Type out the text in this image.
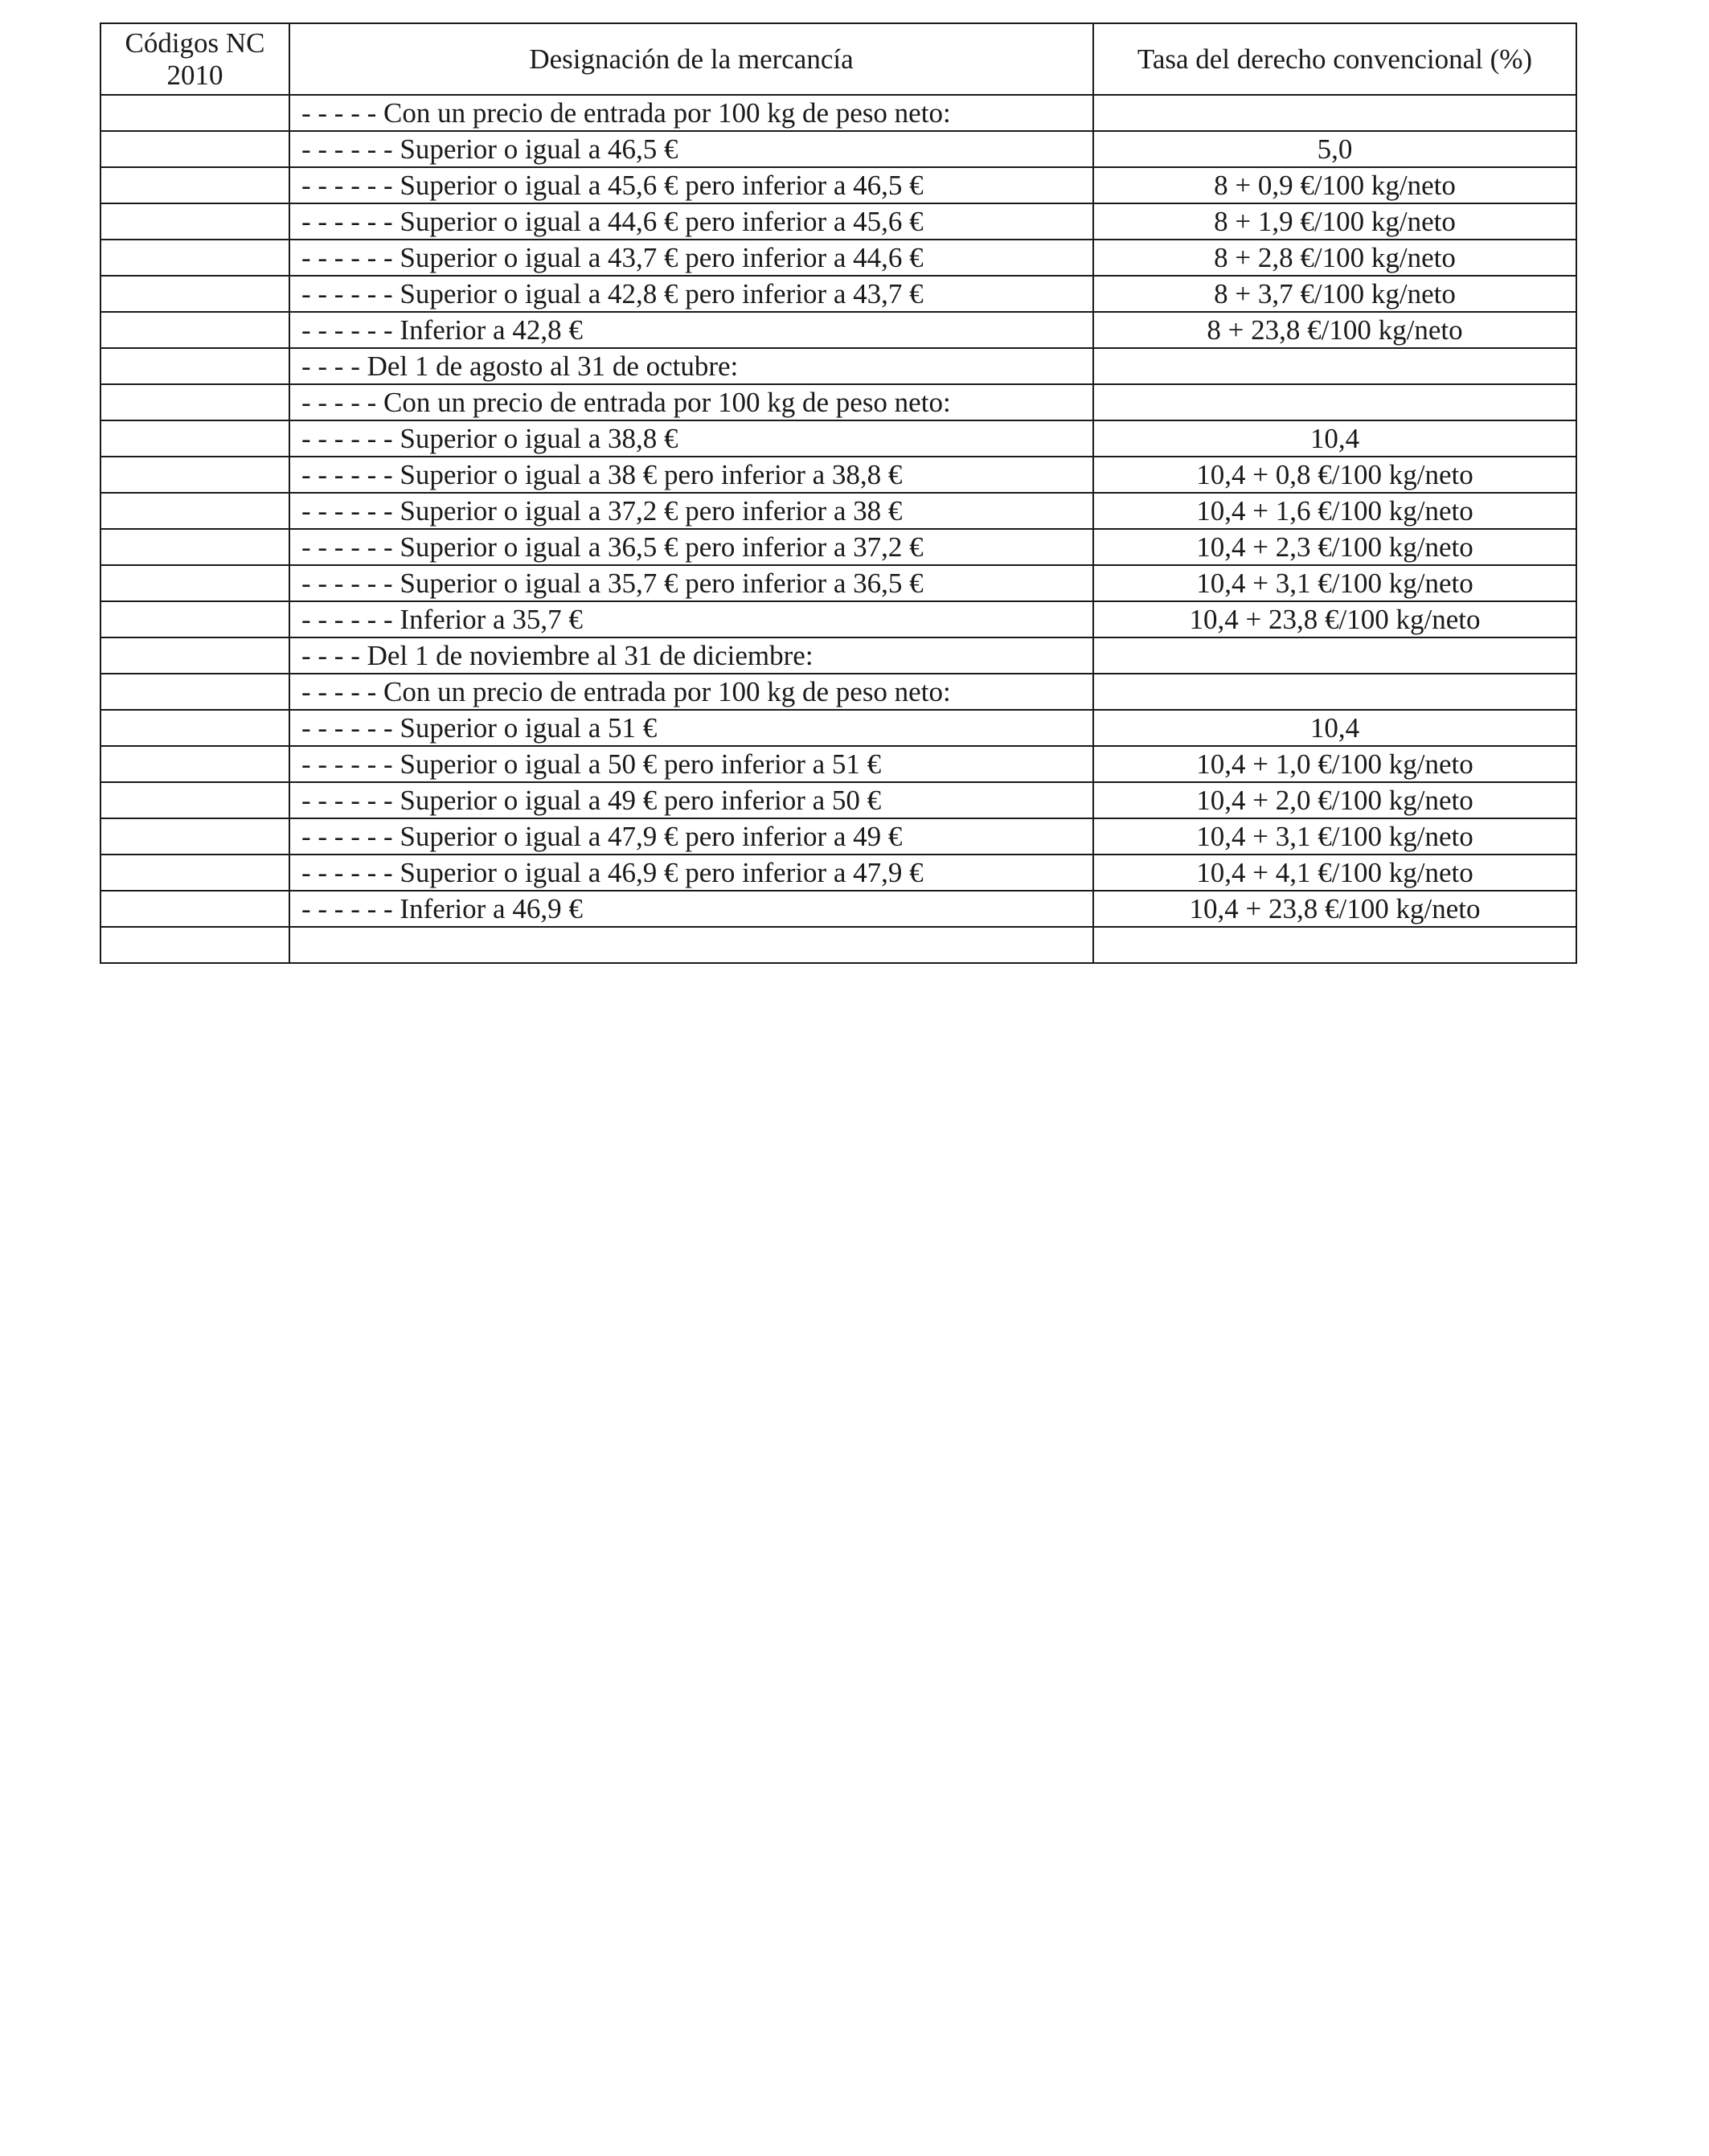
Códigos NC 2010	Designación de la mercancía	Tasa del derecho convencional (%)
	- - - - - Con un precio de entrada por 100 kg de peso neto:	
	- - - - - - Superior o igual a 46,5 €	5,0
	- - - - - - Superior o igual a 45,6 € pero inferior a 46,5 €	8 + 0,9 €/100 kg/neto
	- - - - - - Superior o igual a 44,6 € pero inferior a 45,6 €	8 + 1,9 €/100 kg/neto
	- - - - - - Superior o igual a 43,7 € pero inferior a 44,6 €	8 + 2,8 €/100 kg/neto
	- - - - - - Superior o igual a 42,8 € pero inferior a 43,7 €	8 + 3,7 €/100 kg/neto
	- - - - - - Inferior a 42,8 €	8 + 23,8 €/100 kg/neto
	- - - - Del 1 de agosto al 31 de octubre:	
	- - - - - Con un precio de entrada por 100 kg de peso neto:	
	- - - - - - Superior o igual a 38,8 €	10,4
	- - - - - - Superior o igual a 38 € pero inferior a 38,8 €	10,4 + 0,8 €/100 kg/neto
	- - - - - - Superior o igual a 37,2 € pero inferior a 38 €	10,4 + 1,6 €/100 kg/neto
	- - - - - - Superior o igual a 36,5 € pero inferior a 37,2 €	10,4 + 2,3 €/100 kg/neto
	- - - - - - Superior o igual a 35,7 € pero inferior a 36,5 €	10,4 + 3,1 €/100 kg/neto
	- - - - - - Inferior a 35,7 €	10,4 + 23,8 €/100 kg/neto
	- - - - Del 1 de noviembre al 31 de diciembre:	
	- - - - - Con un precio de entrada por 100 kg de peso neto:	
	- - - - - - Superior o igual a 51 €	10,4
	- - - - - - Superior o igual a 50 € pero inferior a 51 €	10,4 + 1,0 €/100 kg/neto
	- - - - - - Superior o igual a 49 € pero inferior a 50 €	10,4 + 2,0 €/100 kg/neto
	- - - - - - Superior o igual a 47,9 € pero inferior a 49 €	10,4 + 3,1 €/100 kg/neto
	- - - - - - Superior o igual a 46,9 € pero inferior a 47,9 €	10,4 + 4,1 €/100 kg/neto
	- - - - - - Inferior a 46,9 €	10,4 + 23,8 €/100 kg/neto
